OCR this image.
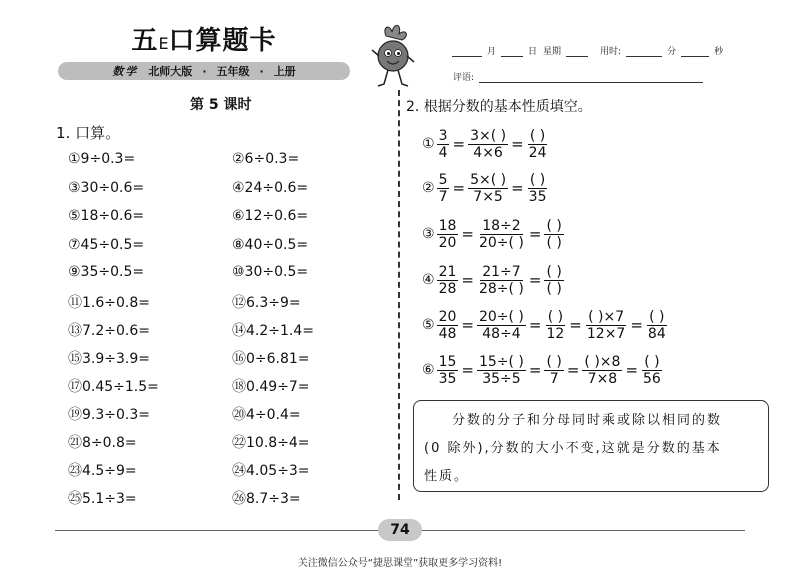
五E口算题卡
数学 北师大版 · 五年级 · 上册
月	日 星期	用时:	分	秒
评语:
第 5 课时
1. 口算。
①9÷0.3=	②6÷0.3=
③30÷0.6=	④24÷0.6=
⑤18÷0.6=	⑥12÷0.6=
⑦45÷0.5=	⑧40÷0.5=
⑨35÷0.5=	⑩30÷0.5=
⑪1.6÷0.8=	⑫6.3÷9=
⑬7.2÷0.6=	⑭4.2÷1.4=
⑮3.9÷3.9=	⑯0÷6.81=
⑰0.45÷1.5=	⑱0.49÷7=
⑲9.3÷0.3=	⑳4÷0.4=
㉑8÷0.8=	㉒10.8÷4=
㉓4.5÷9=	㉔4.05÷3=
㉕5.1÷3=	㉖8.7÷3=
2. 根据分数的基本性质填空。
① $\frac{3}{4} = \frac{3\times( )}{4\times 6} = \frac{( )}{24}$
② $\frac{5}{7} = \frac{5\times( )}{7\times 5} = \frac{( )}{35}$
③ $\frac{18}{20} = \frac{18\div 2}{20\div( )} = \frac{( )}{( )}$
④ $\frac{21}{28} = \frac{21\div 7}{28\div( )} = \frac{( )}{( )}$
⑤ $\frac{20}{48} = \frac{20\div( )}{48\div 4} = \frac{( )}{12} = \frac{( )\times 7}{12\times 7} = \frac{( )}{84}$
⑥ $\frac{15}{35} = \frac{15\div( )}{35\div 5} = \frac{( )}{7} = \frac{( )\times 8}{7\times 8} = \frac{( )}{56}$
分数的分子和分母同时乘或除以相同的数
(0 除外),分数的大小不变,这就是分数的基本
性质。
74
关注微信公众号“捷思课堂”获取更多学习资料!
